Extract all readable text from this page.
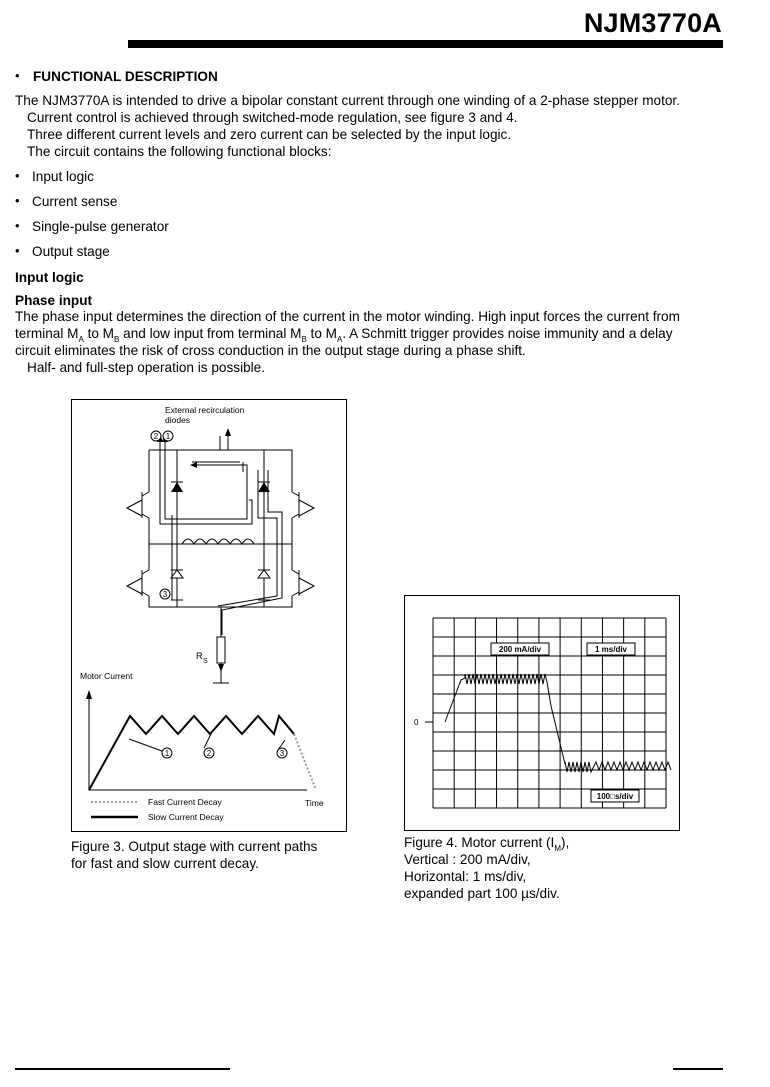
NJM3770A
• FUNCTIONAL DESCRIPTION
The NJM3770A is intended to drive a bipolar constant current through one winding of a 2-phase stepper motor.
Current control is achieved through switched-mode regulation, see figure 3 and 4.
Three different current levels and zero current can be selected by the input logic.
The circuit contains the following functional blocks:
• Input logic
• Current sense
• Single-pulse generator
• Output stage
Input logic
Phase input
The phase input determines the direction of the current in the motor winding. High input forces the current from
terminal $M_A$ to $M_B$ and low input from terminal $M_B$ to $M_A$. A Schmitt trigger provides noise immunity and a delay
circuit eliminates the risk of cross conduction in the output stage during a phase shift.
Half- and full-step operation is possible.
2 1
3
External recirculation
diodes
R
S
Motor Current
1	2	3
Time
Fast Current Decay
Slow Current Decay
Figure 3. Output stage with current paths
for fast and slow current decay.
200 mA/div	1 ms/div
100□s/div
0
Figure 4. Motor current $(I_M)$,
Vertical : 200 mA/div,
Horizontal: 1 ms/div,
expanded part 100 µs/div.
